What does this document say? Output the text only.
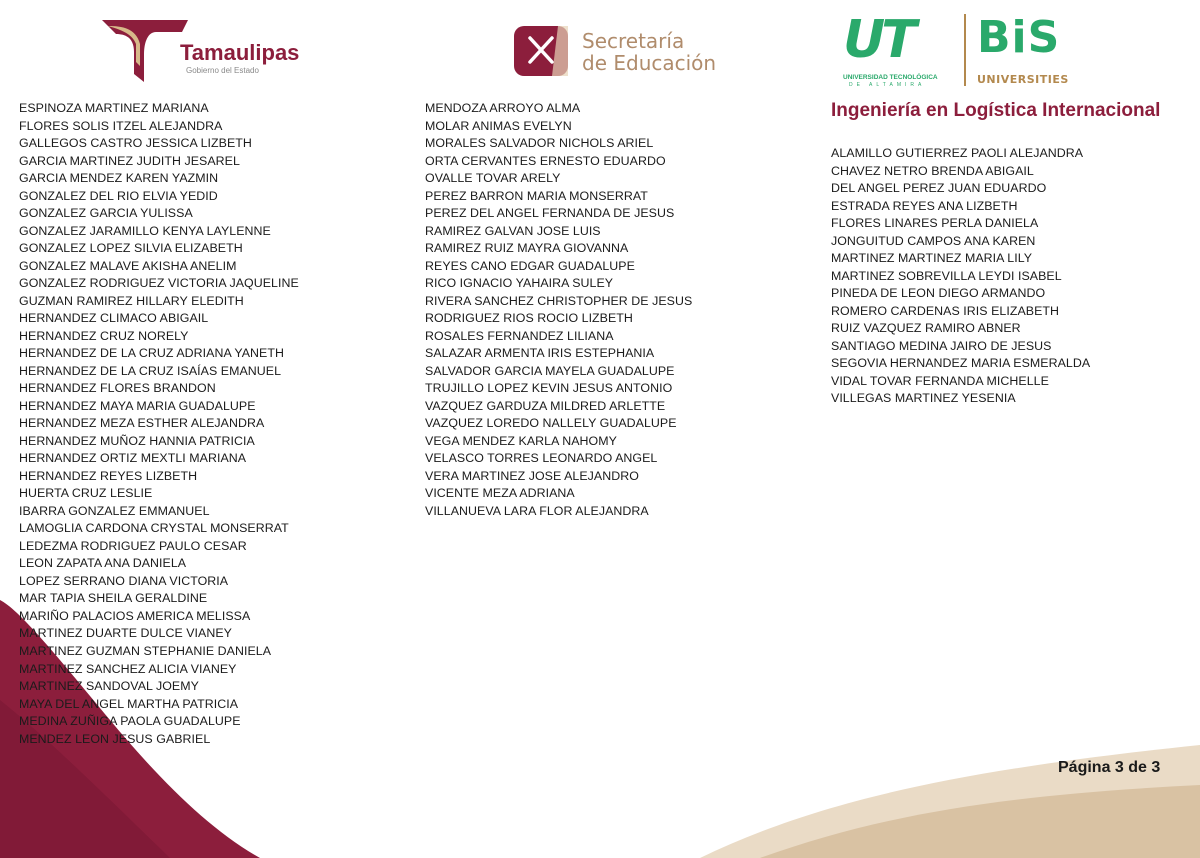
Tamaulipas
Gobierno del Estado
Secretaría
de Educación UT
UNIVERSIDAD TECNOLÓGICA
DE ALTAMIRA
BiS
UNIVERSITIES
Ingeniería en Logística Internacional
ESPINOZA MARTINEZ MARIANA
FLORES SOLIS ITZEL ALEJANDRA
GALLEGOS CASTRO JESSICA LIZBETH
GARCIA MARTINEZ JUDITH JESAREL
GARCIA MENDEZ KAREN YAZMIN
GONZALEZ DEL RIO ELVIA YEDID
GONZALEZ GARCIA YULISSA
GONZALEZ JARAMILLO KENYA LAYLENNE
GONZALEZ LOPEZ SILVIA ELIZABETH
GONZALEZ MALAVE AKISHA ANELIM
GONZALEZ RODRIGUEZ VICTORIA JAQUELINE
GUZMAN RAMIREZ HILLARY ELEDITH
HERNANDEZ CLIMACO ABIGAIL
HERNANDEZ CRUZ NORELY
HERNANDEZ DE LA CRUZ ADRIANA YANETH
HERNANDEZ DE LA CRUZ ISAÍAS EMANUEL
HERNANDEZ FLORES BRANDON
HERNANDEZ MAYA MARIA GUADALUPE
HERNANDEZ MEZA ESTHER ALEJANDRA
HERNANDEZ MUÑOZ HANNIA PATRICIA
HERNANDEZ ORTIZ MEXTLI MARIANA
HERNANDEZ REYES LIZBETH
HUERTA CRUZ LESLIE
IBARRA GONZALEZ EMMANUEL
LAMOGLIA CARDONA CRYSTAL MONSERRAT
LEDEZMA RODRIGUEZ PAULO CESAR
LEON ZAPATA ANA DANIELA
LOPEZ SERRANO DIANA VICTORIA
MAR TAPIA SHEILA GERALDINE
MARIÑO PALACIOS AMERICA MELISSA
MARTINEZ DUARTE DULCE VIANEY
MARTINEZ GUZMAN STEPHANIE DANIELA
MARTINEZ SANCHEZ ALICIA VIANEY
MARTINEZ SANDOVAL JOEMY
MAYA DEL ANGEL MARTHA PATRICIA
MEDINA ZUÑIGA PAOLA GUADALUPE
MENDEZ LEON JESUS GABRIEL
MENDOZA ARROYO ALMA
MOLAR ANIMAS EVELYN
MORALES SALVADOR NICHOLS ARIEL
ORTA CERVANTES ERNESTO EDUARDO
OVALLE TOVAR ARELY
PEREZ BARRON MARIA MONSERRAT
PEREZ DEL ANGEL FERNANDA DE JESUS
RAMIREZ GALVAN JOSE LUIS
RAMIREZ RUIZ MAYRA GIOVANNA
REYES CANO EDGAR GUADALUPE
RICO IGNACIO YAHAIRA SULEY
RIVERA SANCHEZ CHRISTOPHER DE JESUS
RODRIGUEZ RIOS ROCIO LIZBETH
ROSALES FERNANDEZ LILIANA
SALAZAR ARMENTA IRIS ESTEPHANIA
SALVADOR GARCIA MAYELA GUADALUPE
TRUJILLO LOPEZ KEVIN JESUS ANTONIO
VAZQUEZ GARDUZA MILDRED ARLETTE
VAZQUEZ LOREDO NALLELY GUADALUPE
VEGA MENDEZ KARLA NAHOMY
VELASCO TORRES LEONARDO ANGEL
VERA MARTINEZ JOSE ALEJANDRO
VICENTE MEZA ADRIANA
VILLANUEVA LARA FLOR ALEJANDRA
ALAMILLO GUTIERREZ PAOLI ALEJANDRA
CHAVEZ NETRO BRENDA ABIGAIL
DEL ANGEL PEREZ JUAN EDUARDO
ESTRADA REYES ANA LIZBETH
FLORES LINARES PERLA DANIELA
JONGUITUD CAMPOS ANA KAREN
MARTINEZ MARTINEZ MARIA LILY
MARTINEZ SOBREVILLA LEYDI ISABEL
PINEDA DE LEON DIEGO ARMANDO
ROMERO CARDENAS IRIS ELIZABETH
RUIZ VAZQUEZ RAMIRO ABNER
SANTIAGO MEDINA JAIRO DE JESUS
SEGOVIA HERNANDEZ MARIA ESMERALDA
VIDAL TOVAR FERNANDA MICHELLE
VILLEGAS MARTINEZ YESENIA
Página 3 de 3
